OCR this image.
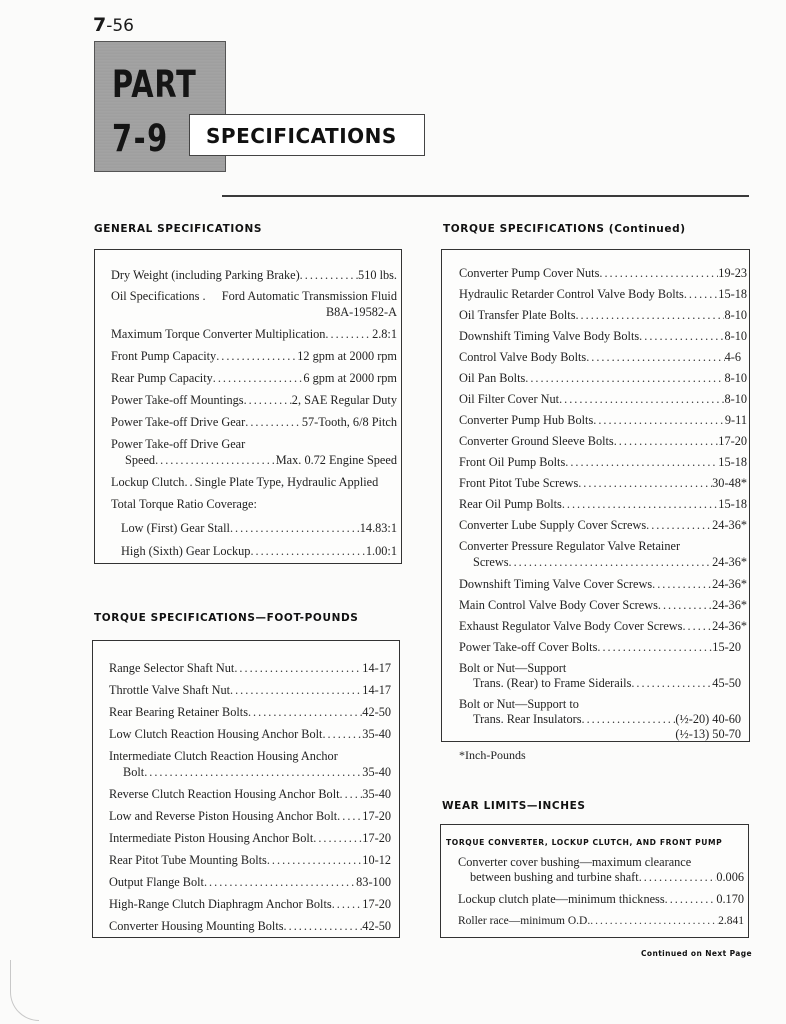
7-56
PART
7-9 SPECIFICATIONS
GENERAL SPECIFICATIONS
Dry Weight (including Parking Brake) .....	510 lbs.
Oil Specifications . Ford Automatic Transmission Fluid
B8A-19582-A
Maximum Torque Converter Multiplication .....	2.8:1
Front Pump Capacity .....	12 gpm at 2000 rpm
Rear Pump Capacity .....	6 gpm at 2000 rpm
Power Take-off Mountings .....	2, SAE Regular Duty
Power Take-off Drive Gear .....	57-Tooth, 6/8 Pitch
Power Take-off Drive Gear
Speed .....	Max. 0.72 Engine Speed
Lockup Clutch .. Single Plate Type, Hydraulic Applied
Total Torque Ratio Coverage:
Low (First) Gear Stall .....	14.83:1
High (Sixth) Gear Lockup .....	1.00:1
TORQUE SPECIFICATIONS—FOOT-POUNDS
Range Selector Shaft Nut .....	14-17
Throttle Valve Shaft Nut .....	14-17
Rear Bearing Retainer Bolts .....	42-50
Low Clutch Reaction Housing Anchor Bolt .....	35-40
Intermediate Clutch Reaction Housing Anchor
Bolt .....	35-40
Reverse Clutch Reaction Housing Anchor Bolt ..... 35-40
Low and Reverse Piston Housing Anchor Bolt ..... 17-20
Intermediate Piston Housing Anchor Bolt .....	17-20
Rear Pitot Tube Mounting Bolts .....	10-12
Output Flange Bolt .....	83-100
High-Range Clutch Diaphragm Anchor Bolts ..... 17-20
Converter Housing Mounting Bolts .....	42-50
TORQUE SPECIFICATIONS (Continued)
Converter Pump Cover Nuts .....	19-23
Hydraulic Retarder Control Valve Body Bolts .....	15-18
Oil Transfer Plate Bolts .....	8-10
Downshift Timing Valve Body Bolts .....	8-10
Control Valve Body Bolts .....	4-6
Oil Pan Bolts .....	8-10
Oil Filter Cover Nut .....	8-10
Converter Pump Hub Bolts .....	9-11
Converter Ground Sleeve Bolts .....	17-20
Front Oil Pump Bolts .....	15-18
Front Pitot Tube Screws .....	30-48*
Rear Oil Pump Bolts .....	15-18
Converter Lube Supply Cover Screws .....	24-36*
Converter Pressure Regulator Valve Retainer
Screws .....	24-36*
Downshift Timing Valve Cover Screws .....	24-36*
Main Control Valve Body Cover Screws .....	24-36*
Exhaust Regulator Valve Body Cover Screws ..... 24-36*
Power Take-off Cover Bolts .....	15-20
Bolt or Nut—Support
Trans. (Rear) to Frame Siderails .....	45-50
Bolt or Nut—Support to
Trans. Rear Insulators .....	(½-20) 40-60
(½-13) 50-70
*Inch-Pounds
WEAR LIMITS—INCHES
TORQUE CONVERTER, LOCKUP CLUTCH, AND FRONT PUMP
Converter cover bushing—maximum clearance
between bushing and turbine shaft .....	0.006
Lockup clutch plate—minimum thickness .....	0.170
Roller race—minimum O.D. .....	2.841
Continued on Next Page
